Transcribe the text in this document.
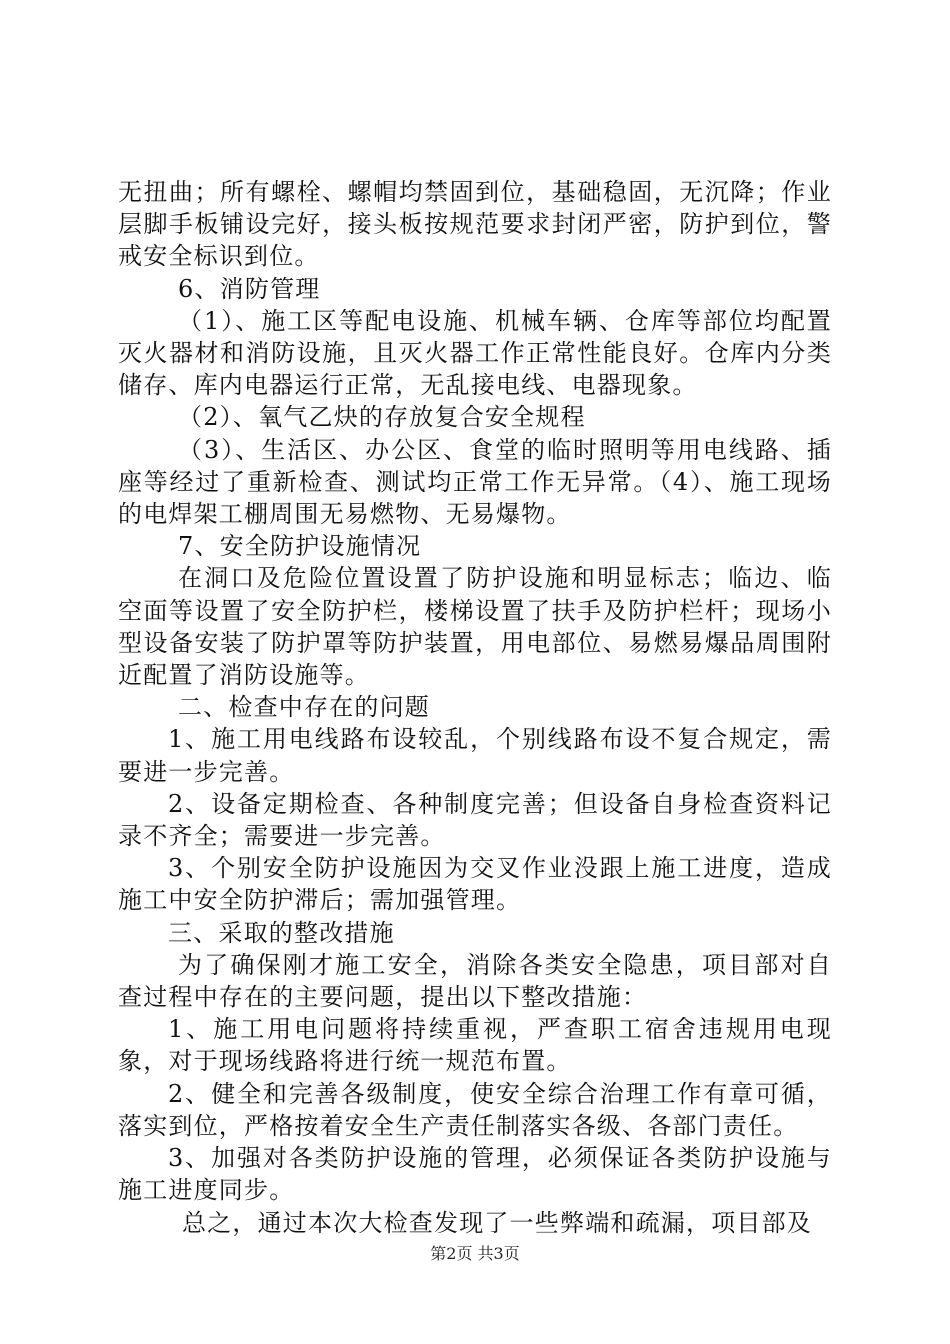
无扭曲；所有螺栓、螺帽均禁固到位，基础稳固，无沉降；作业层脚手板铺设完好，接头板按规范要求封闭严密，防护到位，警戒安全标识到位。

6、消防管理

（1）、施工区等配电设施、机械车辆、仓库等部位均配置灭火器材和消防设施，且灭火器工作正常性能良好。仓库内分类储存、库内电器运行正常，无乱接电线、电器现象。

（2）、氧气乙炔的存放复合安全规程

（3）、生活区、办公区、食堂的临时照明等用电线路、插座等经过了重新检查、测试均正常工作无异常。（4）、施工现场的电焊架工棚周围无易燃物、无易爆物。

7、安全防护设施情况

在洞口及危险位置设置了防护设施和明显标志；临边、临空面等设置了安全防护栏，楼梯设置了扶手及防护栏杆；现场小型设备安装了防护罩等防护装置，用电部位、易燃易爆品周围附近配置了消防设施等。

二、检查中存在的问题

1、施工用电线路布设较乱，个别线路布设不复合规定，需要进一步完善。

2、设备定期检查、各种制度完善；但设备自身检查资料记录不齐全；需要进一步完善。

3、个别安全防护设施因为交叉作业没跟上施工进度，造成施工中安全防护滞后；需加强管理。

三、采取的整改措施

为了确保刚才施工安全，消除各类安全隐患，项目部对自查过程中存在的主要问题，提出以下整改措施：

1、施工用电问题将持续重视，严查职工宿舍违规用电现象，对于现场线路将进行统一规范布置。

2、健全和完善各级制度，使安全综合治理工作有章可循，落实到位，严格按着安全生产责任制落实各级、各部门责任。

3、加强对各类防护设施的管理，必须保证各类防护设施与施工进度同步。

总之，通过本次大检查发现了一些弊端和疏漏，项目部及

第2页 共3页
